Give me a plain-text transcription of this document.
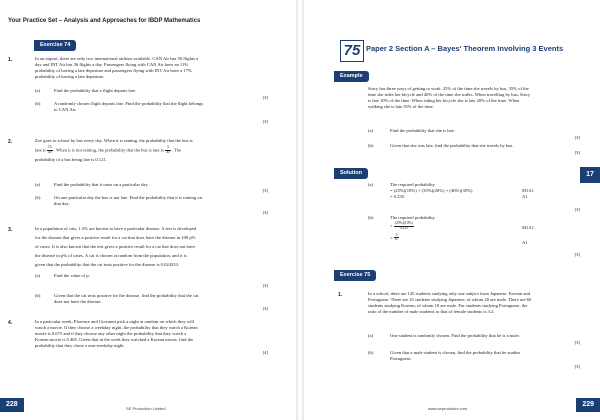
Your Practice Set – Analysis and Approaches for IBDP Mathematics
Exercise 74
1.	In an airport, there are only two international airlines available. CAN Air has 50 flights a
day and INT Air has 36 flights a day. Passengers flying with CAN Air have an 11%
probability of having a late departure and passengers flying with INT Air have a 17%
probability of having a late departure.
(a)	Find the probability that a flight departs late.
[3]
(b)	A randomly chosen flight departs late. Find the probability that the flight belongs
to CAN Air.
[3]
2.	Zoe goes to school by bus every day. When it is raining, the probability that the bus is
late is $\frac{13}{40}$ . When it is not raining, the probability that the bus is late is $\frac{3}{40}$ . The
probability of a bus being late is 0.121.
(a)	Find the probability that it rains on a particular day.
[3]
(b)	On one particular day the bus is not late. Find the probability that it is raining on
that day.
[3]
3.	In a population of cats, 1.5% are known to have a particular disease. A test is developed
for the disease that gives a positive result for a cat that does have the disease in 100 p%
of cases. It is also known that the test gives a positive result for a cat that does not have
the disease in p% of cases. A cat is chosen at random from the population, and it is
given that the probability that the cat tests positive for the disease is 0.024353.
(a)	Find the value of p.
[3]
(b)	Given that the cat tests positive for the disease, find the probability that the cat
does not have the disease.
[3]
4.	In a particular week, Florence and Giovanni pick a night at random on which they will
watch a movie. If they choose a weekday night, the probability that they watch a Korean
movie is 0.675 and if they choose any other night the probability that they watch a
Korean movie is 0.465. Given that in the week they watched a Korean movie, find the
probability that they chose a non-weekday night.
[4]
228
SE Production Limited
75 Paper 2 Section A – Bayes' Theorem Involving 3 Events
Example
Stacy has three ways of getting to work. 25% of the time she travels by bus, 35% of the
time she rides her bicycle and 40% of the time she walks. When travelling by bus, Stacy
is late 10% of the time. When riding her bicycle she is late 20% of the time. When
walking she is late 35% of the time.
(a)	Find the probability that she is late.
[3]
(b)	Given that she was late, find the probability that she travels by bus.
[3]
Solution
(a)	The required probability
= (25%)(10%) + (35%)(20%) + (40%)(35%)
= 0.235
M1A1
A1
[3]
(b)	The required probability
= $\frac{(25\%)(10\%)}{0.235}$
= $\frac{5}{47}$
M1A1
A1
[3]
Exercise 75
1.	In a school, there are 145 students studying only one subject from Japanese, Korean and
Portuguese. There are 35 students studying Japanese, of whom 20 are male. There are 60
students studying Korean, of whom 18 are male. For students studying Portuguese, the
ratio of the number of male students to that of female students is 3:2.
(a)	One student is randomly chosen. Find the probability that he is a male.
[3]
(b)	Given that a male student is chosen, find the probability that he studies
Portuguese.
[3]
17
229
www.seprodstore.com
